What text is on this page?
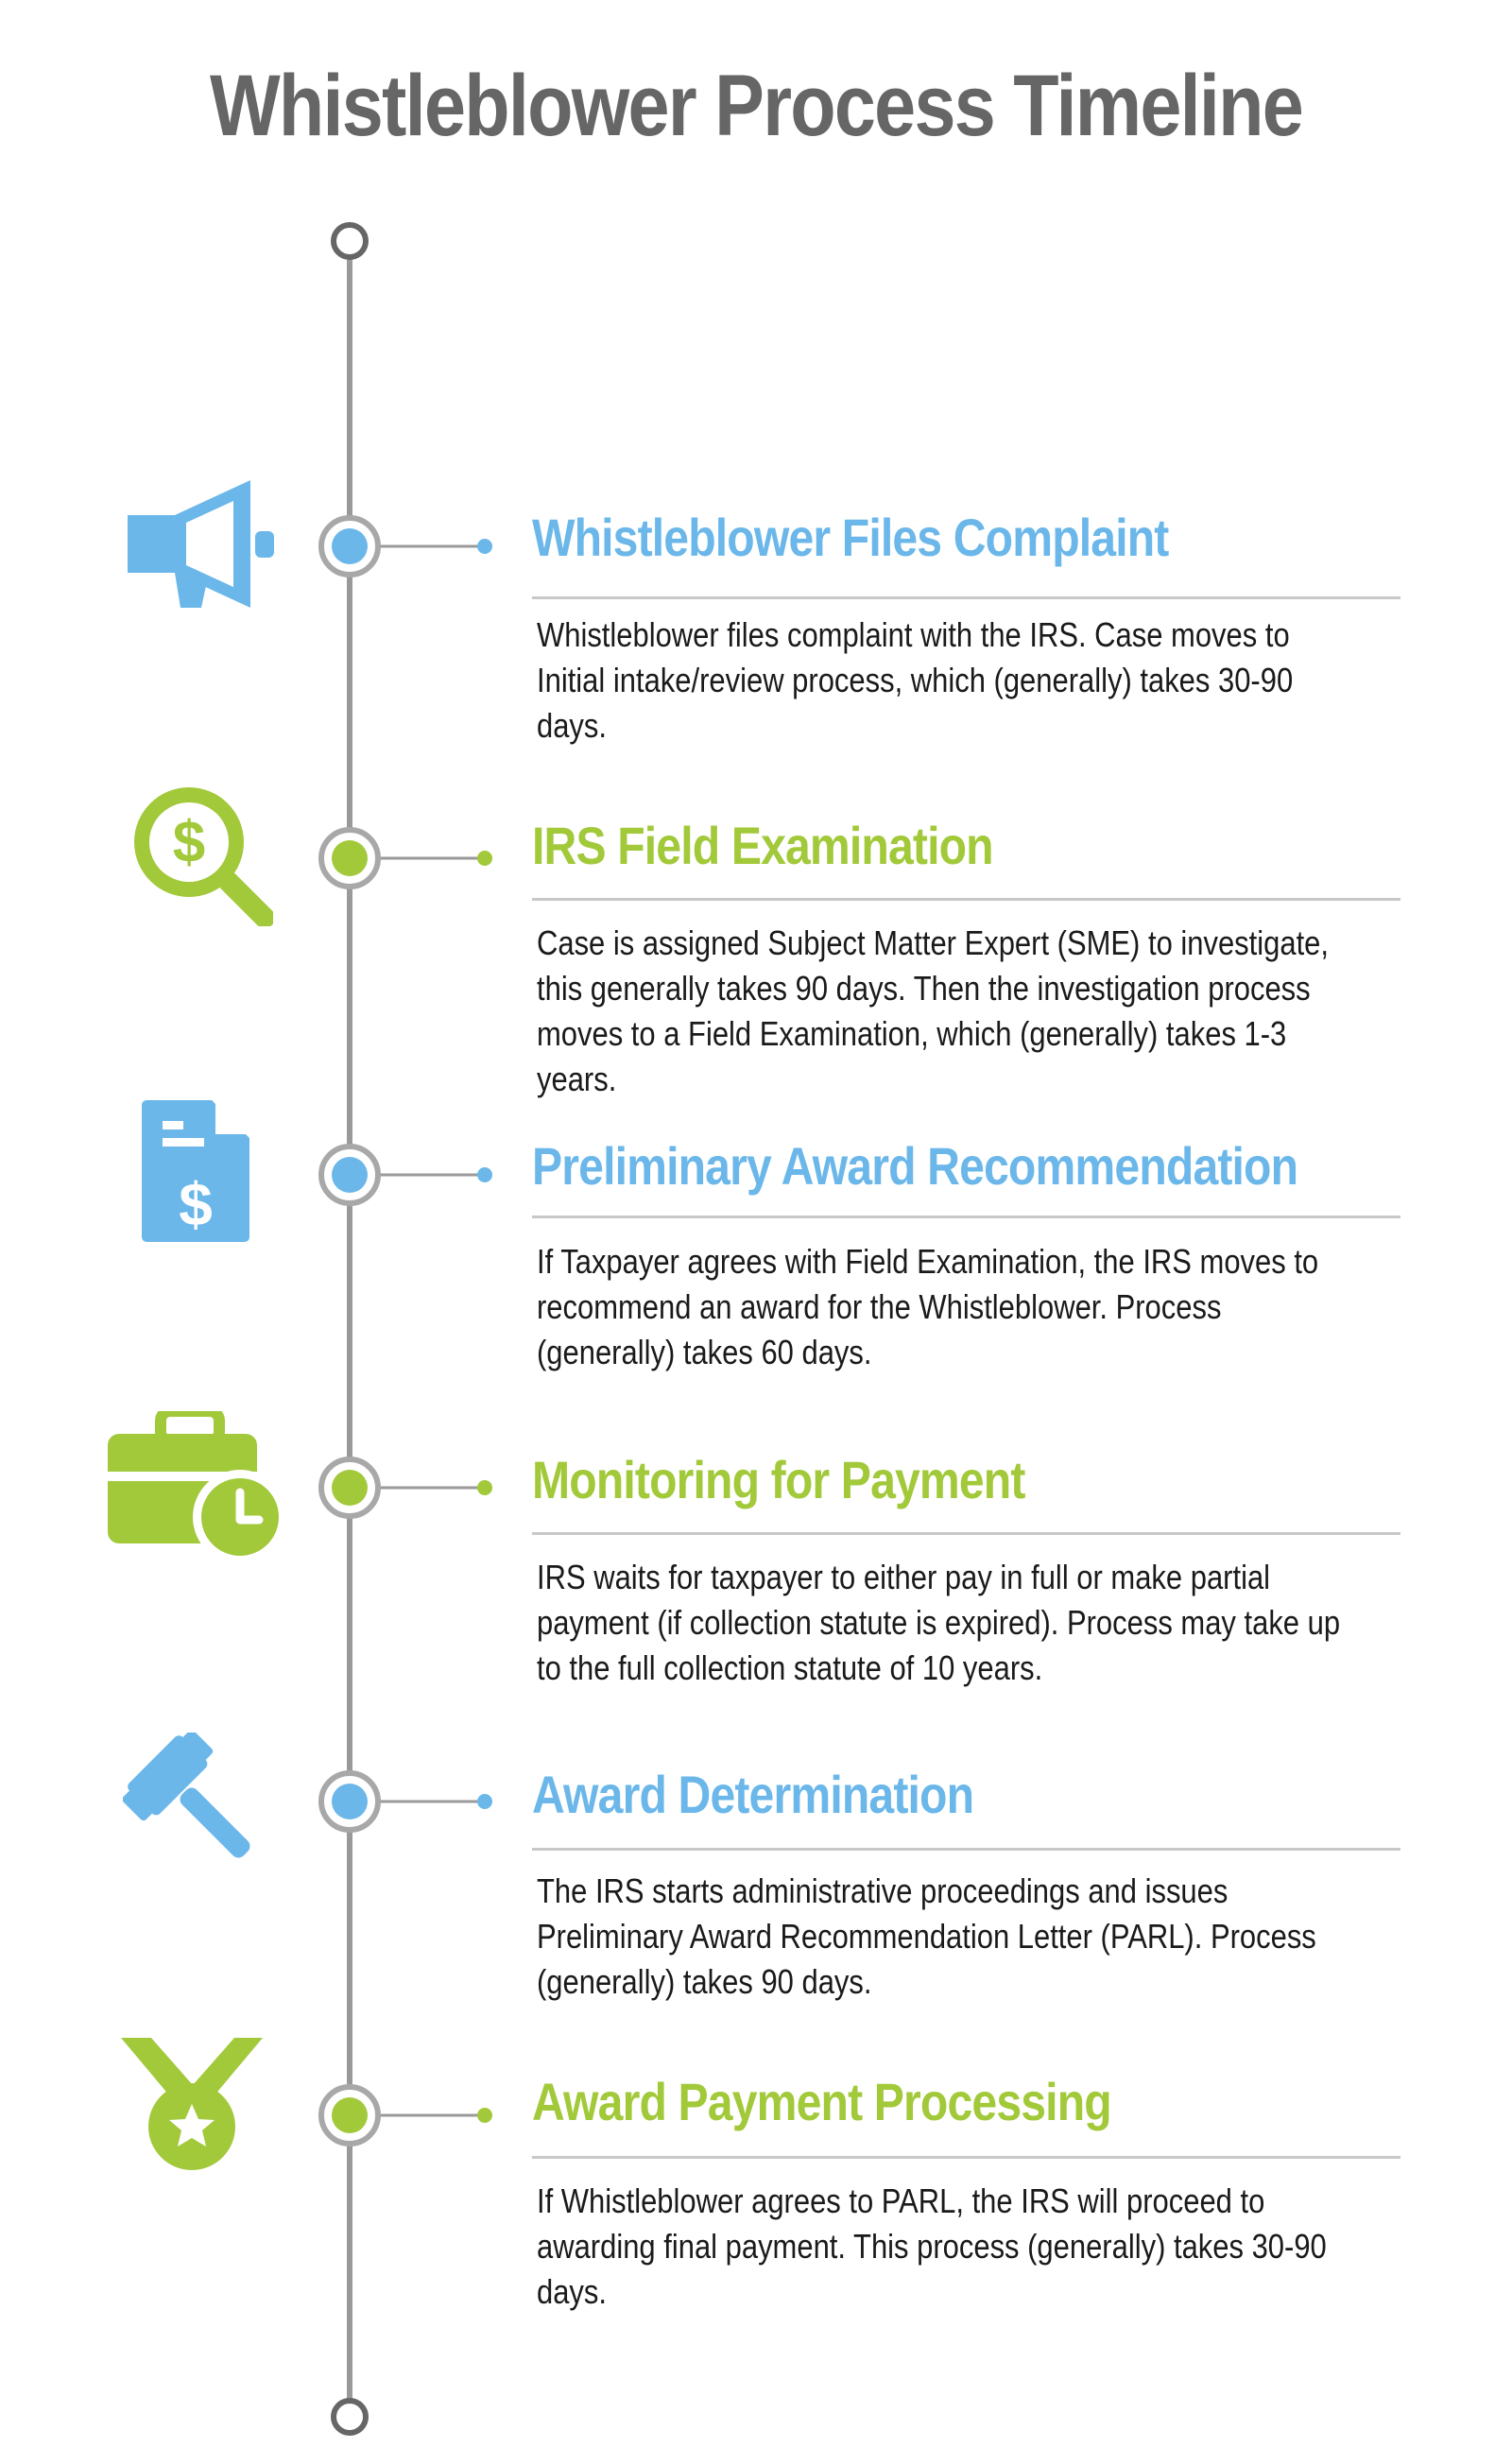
Whistleblower Process Timeline
Whistleblower Files Complaint
Whistleblower files complaint with the IRS. Case moves to Initial intake/review process, which (generally) takes 30-90 days.
$	IRS Field Examination
Case is assigned Subject Matter Expert (SME) to investigate, this generally takes 90 days. Then the investigation process moves to a Field Examination, which (generally) takes 1-3 years.
$
Preliminary Award Recommendation
If Taxpayer agrees with Field Examination, the IRS moves to recommend an award for the Whistleblower. Process (generally) takes 60 days.
Monitoring for Payment
IRS waits for taxpayer to either pay in full or make partial payment (if collection statute is expired). Process may take up to the full collection statute of 10 years.
Award Determination
The IRS starts administrative proceedings and issues Preliminary Award Recommendation Letter (PARL). Process (generally) takes 90 days.
Award Payment Processing
If Whistleblower agrees to PARL, the IRS will proceed to awarding final payment. This process (generally) takes 30-90 days.
